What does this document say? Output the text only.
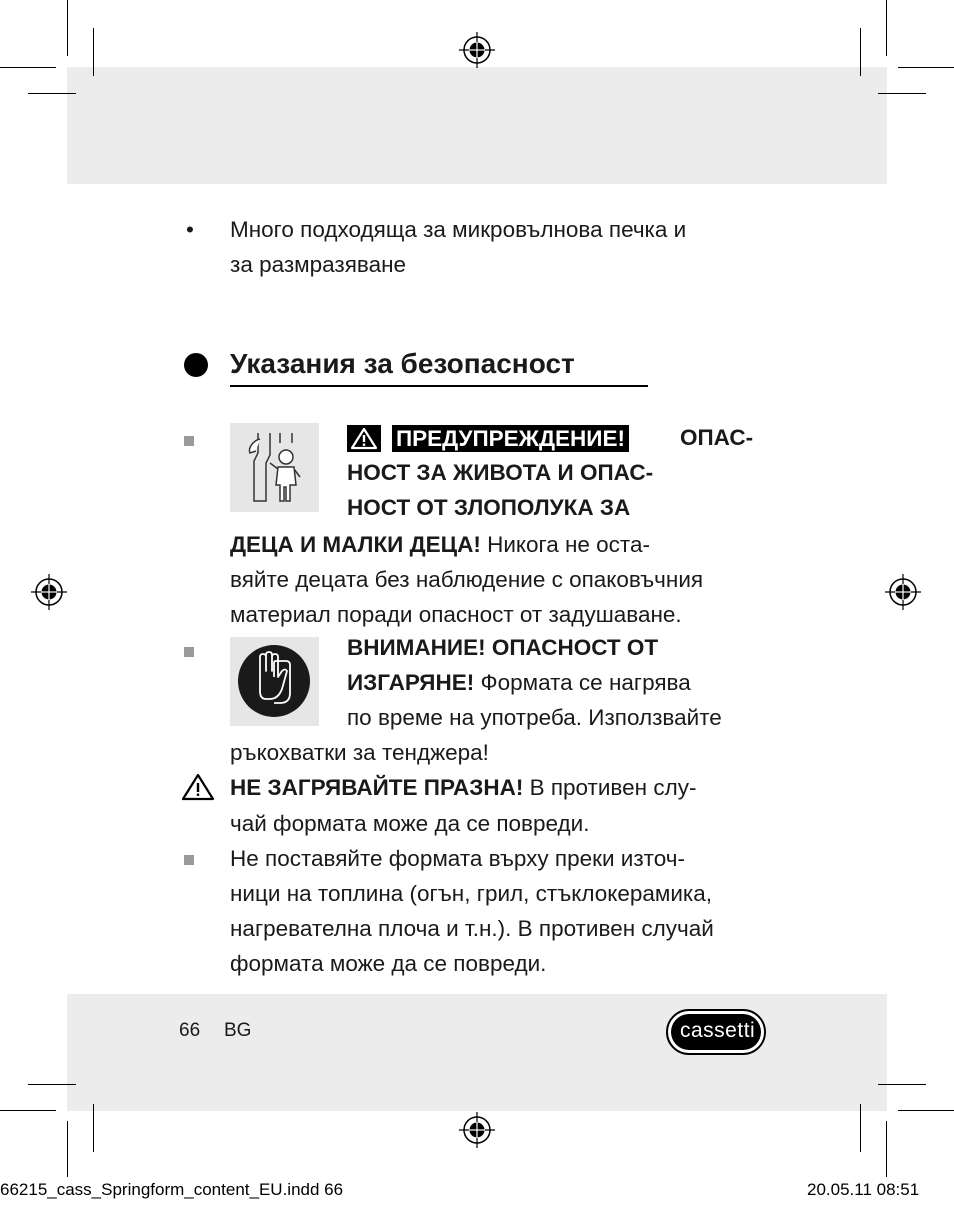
• Много подходяща за микровълнова печка и
за размразяване
Указания за безопасност
ПРЕДУПРЕЖДЕНИЕ! ОПАС-
НОСТ ЗА ЖИВОТА И ОПАС-
НОСТ ОТ ЗЛОПОЛУКА ЗА
ДЕЦА И МАЛКИ ДЕЦА! Никога не оста-
вяйте децата без наблюдение с опаковъчния
материал поради опасност от задушаване.
ВНИМАНИЕ! ОПАСНОСТ ОТ
ИЗГАРЯНЕ! Формата се нагрява
по време на употреба. Използвайте
ръкохватки за тенджера!
НЕ ЗАГРЯВАЙТЕ ПРАЗНА! В противен слу-
чай формата може да се повреди.
Не поставяйте формата върху преки източ-
ници на топлина (огън, грил, стъклокерамика,
нагревателна плоча и т.н.). В противен случай
формата може да се повреди.
66 BG	cassetti
66215_cass_Springform_content_EU.indd 66	20.05.11 08:51
